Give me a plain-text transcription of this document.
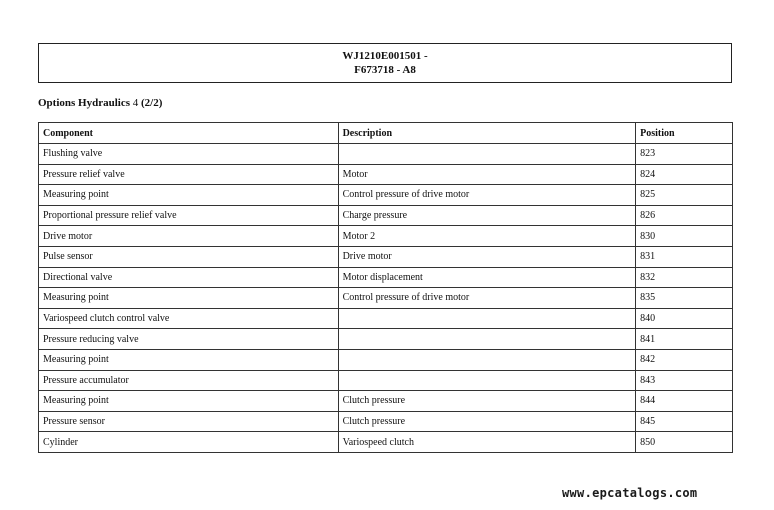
WJ1210E001501 -
F673718 - A8
Options Hydraulics 4 (2/2)
Component	Description	Position
Flushing valve		823
Pressure relief valve	Motor	824
Measuring point	Control pressure of drive motor	825
Proportional pressure relief valve	Charge pressure	826
Drive motor	Motor 2	830
Pulse sensor	Drive motor	831
Directional valve	Motor displacement	832
Measuring point	Control pressure of drive motor	835
Variospeed clutch control valve		840
Pressure reducing valve		841
Measuring point		842
Pressure accumulator		843
Measuring point	Clutch pressure	844
Pressure sensor	Clutch pressure	845
Cylinder	Variospeed clutch	850
www.epcatalogs.com
